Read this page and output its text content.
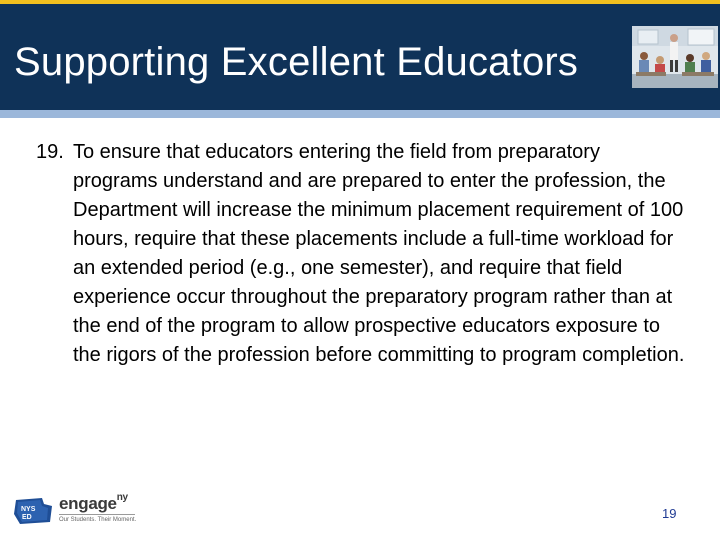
Supporting Excellent Educators
19. To ensure that educators entering the field from preparatory programs understand and are prepared to enter the profession, the Department will increase the minimum placement requirement of 100 hours, require that these placements include a full-time workload for an extended period (e.g., one semester), and require that field experience occur throughout the preparatory program rather than at the end of the program to allow prospective educators exposure to the rigors of the profession before committing to program completion.
NYS
ED
engage$^{ny}$
Our Students. Their Moment.	19
